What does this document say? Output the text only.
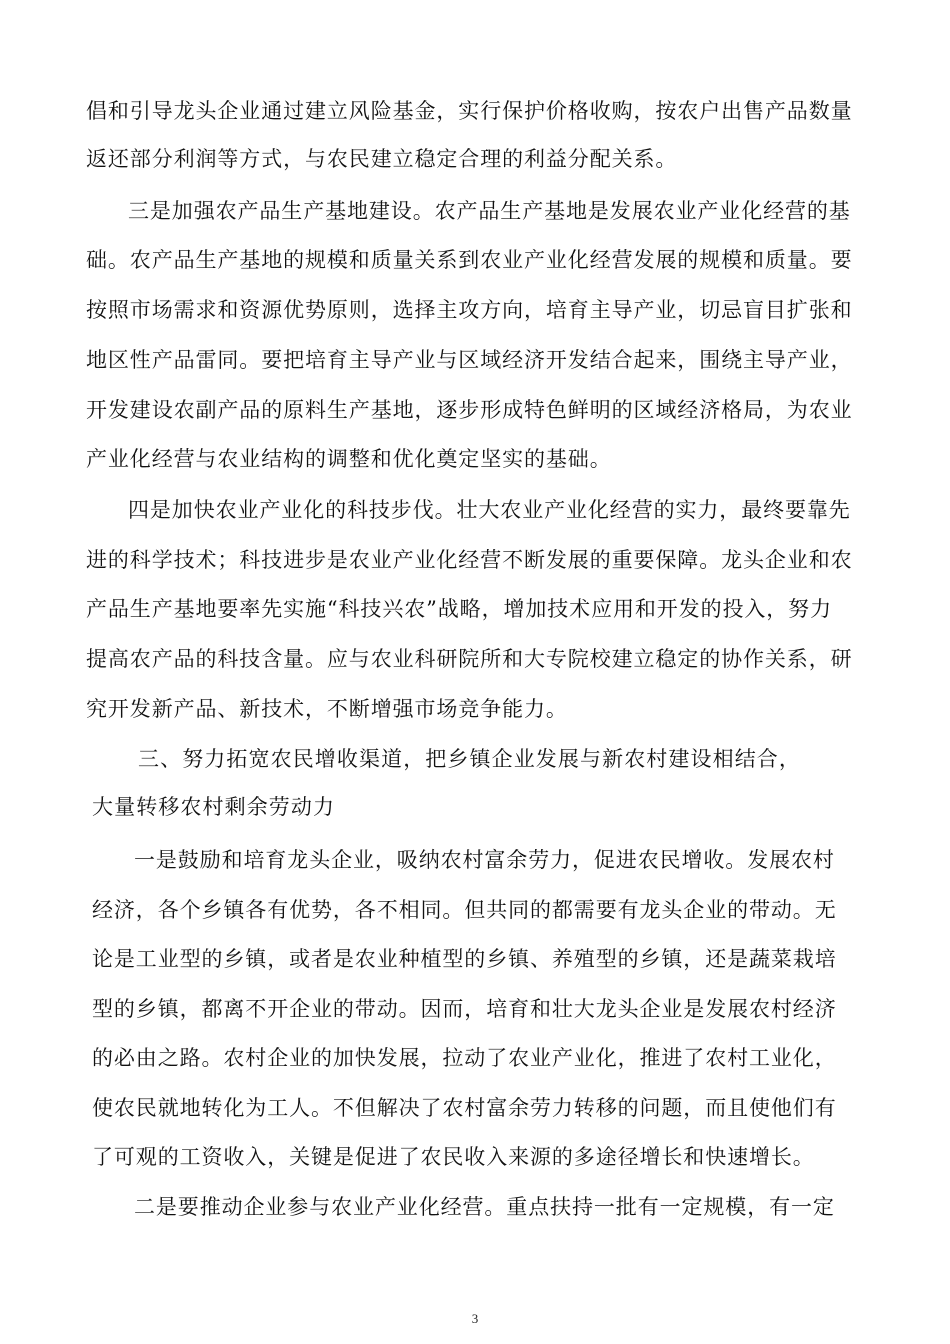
倡和引导龙头企业通过建立风险基金，实行保护价格收购，按农户出售产品数量
返还部分利润等方式，与农民建立稳定合理的利益分配关系。
三是加强农产品生产基地建设。农产品生产基地是发展农业产业化经营的基
础。农产品生产基地的规模和质量关系到农业产业化经营发展的规模和质量。要
按照市场需求和资源优势原则，选择主攻方向，培育主导产业，切忌盲目扩张和
地区性产品雷同。要把培育主导产业与区域经济开发结合起来，围绕主导产业，
开发建设农副产品的原料生产基地，逐步形成特色鲜明的区域经济格局，为农业
产业化经营与农业结构的调整和优化奠定坚实的基础。
四是加快农业产业化的科技步伐。壮大农业产业化经营的实力，最终要靠先
进的科学技术；科技进步是农业产业化经营不断发展的重要保障。龙头企业和农
产品生产基地要率先实施“科技兴农”战略，增加技术应用和开发的投入，努力
提高农产品的科技含量。应与农业科研院所和大专院校建立稳定的协作关系，研
究开发新产品、新技术，不断增强市场竞争能力。
三、努力拓宽农民增收渠道，把乡镇企业发展与新农村建设相结合，
大量转移农村剩余劳动力
一是鼓励和培育龙头企业，吸纳农村富余劳力，促进农民增收。发展农村
经济，各个乡镇各有优势，各不相同。但共同的都需要有龙头企业的带动。无
论是工业型的乡镇，或者是农业种植型的乡镇、养殖型的乡镇，还是蔬菜栽培
型的乡镇，都离不开企业的带动。因而，培育和壮大龙头企业是发展农村经济
的必由之路。农村企业的加快发展，拉动了农业产业化，推进了农村工业化，
使农民就地转化为工人。不但解决了农村富余劳力转移的问题，而且使他们有
了可观的工资收入，关键是促进了农民收入来源的多途径增长和快速增长。
二是要推动企业参与农业产业化经营。重点扶持一批有一定规模，有一定
3
